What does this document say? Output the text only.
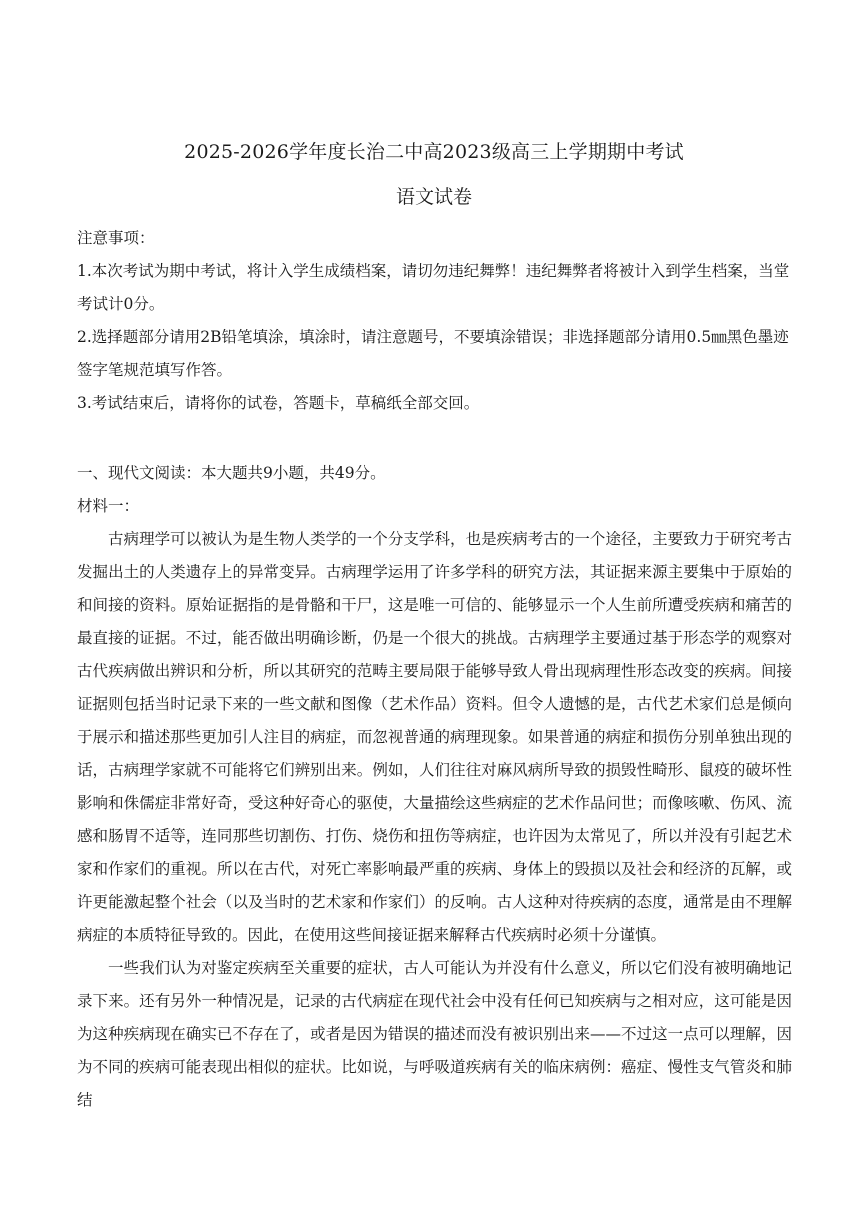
2025-2026学年度长治二中高2023级高三上学期期中考试
语文试卷

注意事项：

1.本次考试为期中考试，将计入学生成绩档案，请切勿违纪舞弊！违纪舞弊者将被计入到学生档案，当堂考试计0分。

2.选择题部分请用2B铅笔填涂，填涂时，请注意题号，不要填涂错误；非选择题部分请用0.5㎜黑色墨迹签字笔规范填写作答。

3.考试结束后，请将你的试卷，答题卡，草稿纸全部交回。

一、现代文阅读：本大题共9小题，共49分。

材料一：

古病理学可以被认为是生物人类学的一个分支学科，也是疾病考古的一个途径，主要致力于研究考古发掘出土的人类遗存上的异常变异。古病理学运用了许多学科的研究方法，其证据来源主要集中于原始的和间接的资料。原始证据指的是骨骼和干尸，这是唯一可信的、能够显示一个人生前所遭受疾病和痛苦的最直接的证据。不过，能否做出明确诊断，仍是一个很大的挑战。古病理学主要通过基于形态学的观察对古代疾病做出辨识和分析，所以其研究的范畴主要局限于能够导致人骨出现病理性形态改变的疾病。间接证据则包括当时记录下来的一些文献和图像（艺术作品）资料。但令人遗憾的是，古代艺术家们总是倾向于展示和描述那些更加引人注目的病症，而忽视普通的病理现象。如果普通的病症和损伤分别单独出现的话，古病理学家就不可能将它们辨别出来。例如，人们往往对麻风病所导致的损毁性畸形、鼠疫的破坏性影响和侏儒症非常好奇，受这种好奇心的驱使，大量描绘这些病症的艺术作品问世；而像咳嗽、伤风、流感和肠胃不适等，连同那些切割伤、打伤、烧伤和扭伤等病症，也许因为太常见了，所以并没有引起艺术家和作家们的重视。所以在古代，对死亡率影响最严重的疾病、身体上的毁损以及社会和经济的瓦解，或许更能激起整个社会（以及当时的艺术家和作家们）的反响。古人这种对待疾病的态度，通常是由不理解病症的本质特征导致的。因此，在使用这些间接证据来解释古代疾病时必须十分谨慎。

一些我们认为对鉴定疾病至关重要的症状，古人可能认为并没有什么意义，所以它们没有被明确地记录下来。还有另外一种情况是，记录的古代病症在现代社会中没有任何已知疾病与之相对应，这可能是因为这种疾病现在确实已不存在了，或者是因为错误的描述而没有被识别出来——不过这一点可以理解，因为不同的疾病可能表现出相似的症状。比如说，与呼吸道疾病有关的临床病例：癌症、慢性支气管炎和肺结
